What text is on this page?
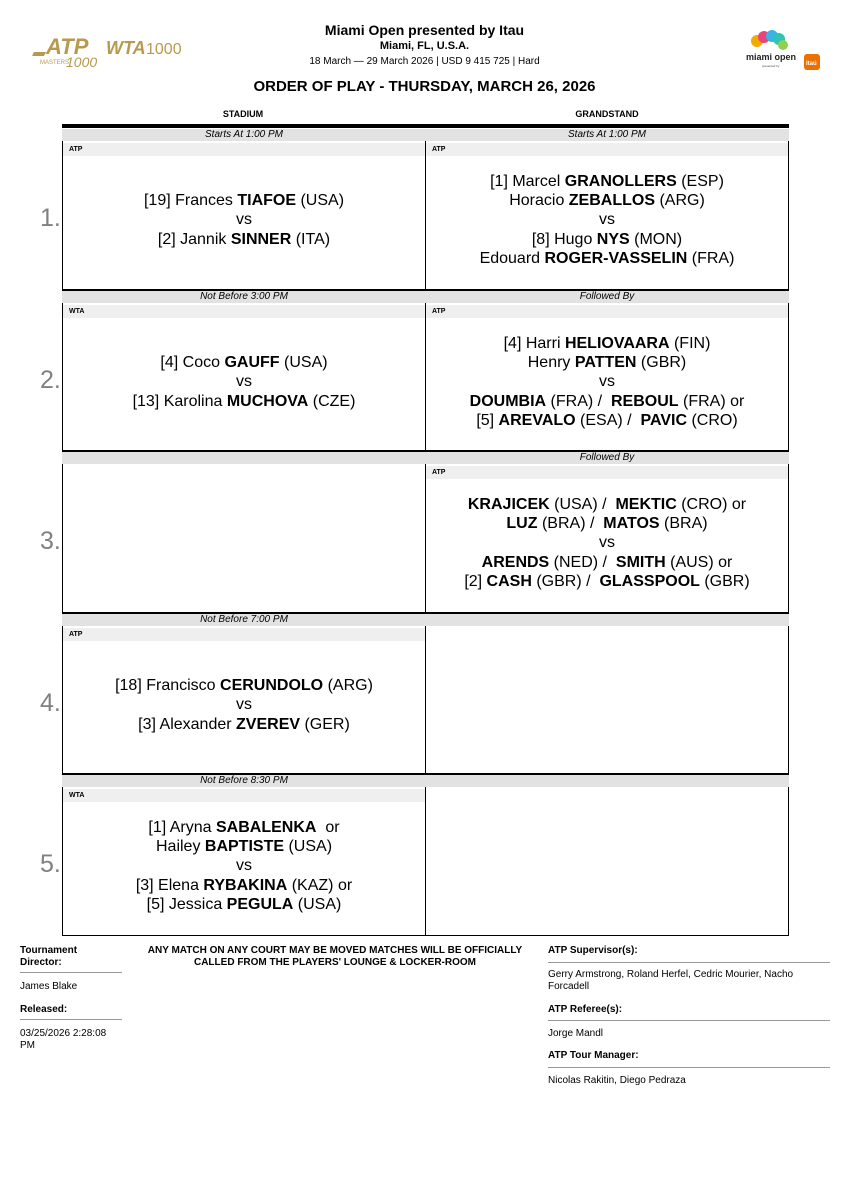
ATP
MASTERS
1000
WTA 1000	miami open
presented by	itaú
Miami Open presented by Itau
Miami, FL, U.S.A.
18 March — 29 March 2026 | USD 9 415 725 | Hard
ORDER OF PLAY - THURSDAY, MARCH 26, 2026
STADIUM	GRANDSTAND
Starts At 1:00 PM
ATP
[19] Frances TIAFOE (USA)
vs
[2] Jannik SINNER (ITA)
Starts At 1:00 PM
ATP
[1] Marcel GRANOLLERS (ESP)
Horacio ZEBALLOS (ARG)
vs
[8] Hugo NYS (MON)
Edouard ROGER-VASSELIN (FRA)
1.
Not Before 3:00 PM
WTA
[4] Coco GAUFF (USA)
vs
[13] Karolina MUCHOVA (CZE)
Followed By
ATP
[4] Harri HELIOVAARA (FIN)
Henry PATTEN (GBR)
vs
DOUMBIA (FRA) /  REBOUL (FRA) or
[5] AREVALO (ESA) /  PAVIC (CRO)
2.
Followed By
ATP
KRAJICEK (USA) /  MEKTIC (CRO) or
LUZ (BRA) /  MATOS (BRA)
vs
ARENDS (NED) /  SMITH (AUS) or
[2] CASH (GBR) /  GLASSPOOL (GBR)
3.
Not Before 7:00 PM
ATP
[18] Francisco CERUNDOLO (ARG)
vs
[3] Alexander ZVEREV (GER)
4.
Not Before 8:30 PM
WTA
[1] Aryna SABALENKA  or
Hailey BAPTISTE (USA)
vs
[3] Elena RYBAKINA (KAZ) or
[5] Jessica PEGULA (USA)
5.
Tournament Director:
James Blake
Released:
03/25/2026 2:28:08 PM
ANY MATCH ON ANY COURT MAY BE MOVED MATCHES WILL BE OFFICIALLY CALLED FROM THE PLAYERS' LOUNGE & LOCKER-ROOM
ATP Supervisor(s):
Gerry Armstrong, Roland Herfel, Cedric Mourier, Nacho Forcadell
ATP Referee(s):
Jorge Mandl
ATP Tour Manager:
Nicolas Rakitin, Diego Pedraza
